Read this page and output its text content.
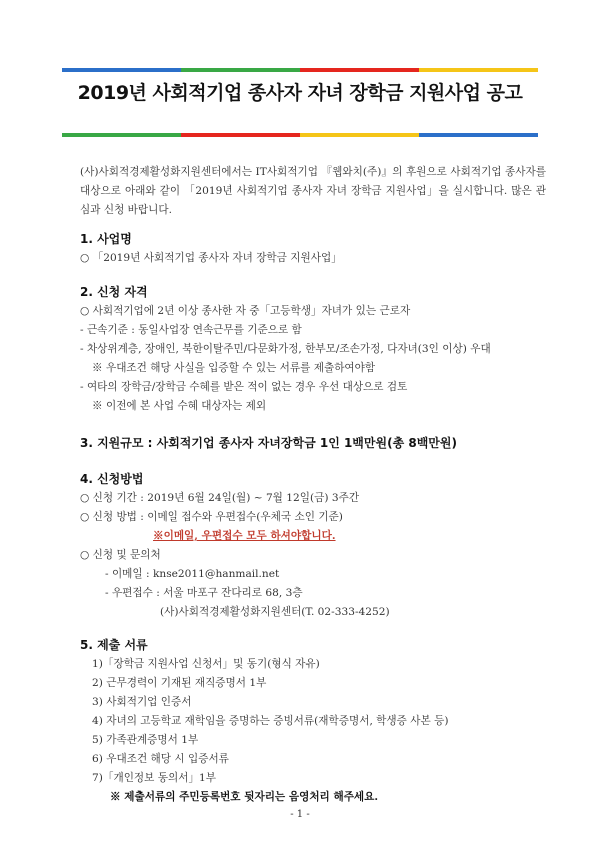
2019년 사회적기업 종사자 자녀 장학금 지원사업 공고
(사)사회적경제활성화지원센터에서는 IT사회적기업 『웹와치(주)』의 후원으로 사회적기업 종사자를 대상으로 아래와 같이 「2019년 사회적기업 종사자 자녀 장학금 지원사업」을 실시합니다. 많은 관심과 신청 바랍니다.
1. 사업명
○ 「2019년 사회적기업 종사자 자녀 장학금 지원사업」
2. 신청 자격
○ 사회적기업에 2년 이상 종사한 자 중「고등학생」자녀가 있는 근로자
- 근속기준 : 동일사업장 연속근무를 기준으로 함
- 차상위계층, 장애인, 북한이탈주민/다문화가정, 한부모/조손가정, 다자녀(3인 이상) 우대
※ 우대조건 해당 사실을 입증할 수 있는 서류를 제출하여야함
- 여타의 장학금/장학금 수혜를 받은 적이 없는 경우 우선 대상으로 검토
※ 이전에 본 사업 수혜 대상자는 제외
3. 지원규모 : 사회적기업 종사자 자녀장학금 1인 1백만원(총 8백만원)
4. 신청방법
○ 신청 기간 : 2019년 6월 24일(월) ~ 7월 12일(금) 3주간
○ 신청 방법 : 이메일 접수와 우편접수(우체국 소인 기준)
※이메일, 우편접수 모두 하셔야합니다.
○ 신청 및 문의처
- 이메일 : knse2011@hanmail.net
- 우편접수 : 서울 마포구 잔다리로 68, 3층
(사)사회적경제활성화지원센터(T. 02-333-4252)
5. 제출 서류
1)「장학금 지원사업 신청서」및 동기(형식 자유)
2) 근무경력이 기재된 재직증명서 1부
3) 사회적기업 인증서
4) 자녀의 고등학교 재학임을 증명하는 증빙서류(재학증명서, 학생증 사본 등)
5) 가족관계증명서 1부
6) 우대조건 해당 시 입증서류
7)「개인정보 동의서」1부
※ 제출서류의 주민등록번호 뒷자리는 음영처리 해주세요.
- 1 -
